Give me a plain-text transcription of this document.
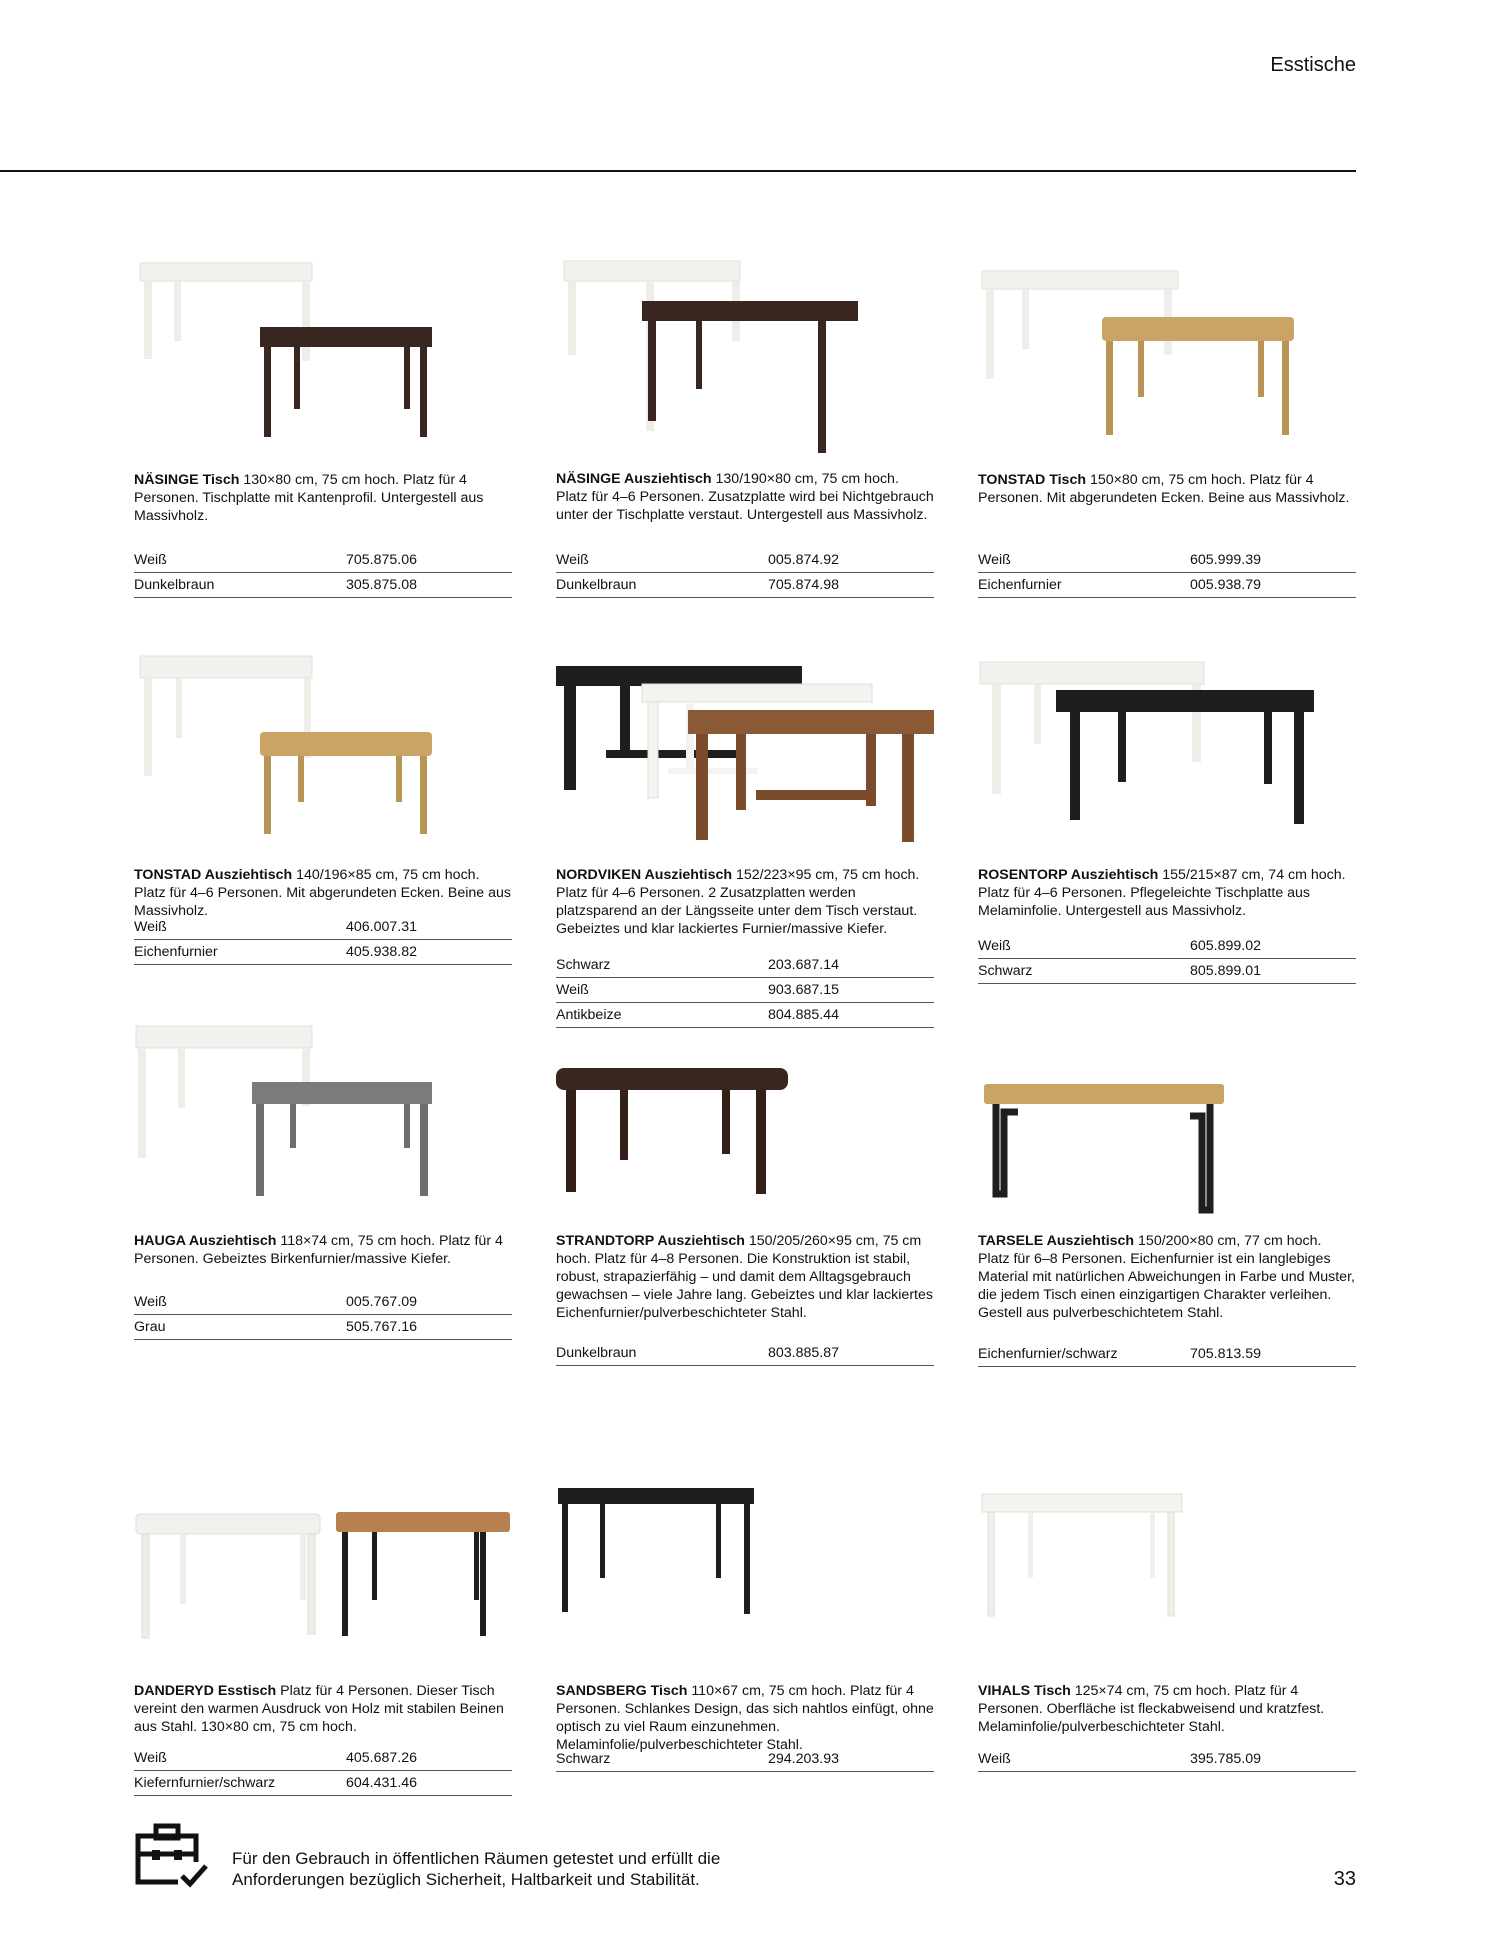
Esstische
NÄSINGE Tisch 130×80 cm, 75 cm hoch. Platz für 4 Personen. Tischplatte mit Kantenprofil. Untergestell aus Massivholz.
Weiß	705.875.06
Dunkelbraun	305.875.08
NÄSINGE Ausziehtisch 130/190×80 cm, 75 cm hoch. Platz für 4–6 Personen. Zusatzplatte wird bei Nichtgebrauch unter der Tischplatte verstaut. Untergestell aus Massivholz.
Weiß	005.874.92
Dunkelbraun	705.874.98
TONSTAD Tisch 150×80 cm, 75 cm hoch. Platz für 4 Personen. Mit abgerundeten Ecken. Beine aus Massivholz.
Weiß	605.999.39
Eichenfurnier	005.938.79
TONSTAD Ausziehtisch 140/196×85 cm, 75 cm hoch. Platz für 4–6 Personen. Mit abgerundeten Ecken. Beine aus Massivholz.
Weiß	406.007.31
Eichenfurnier	405.938.82
NORDVIKEN Ausziehtisch 152/223×95 cm, 75 cm hoch. Platz für 4–6 Personen. 2 Zusatzplatten werden platzsparend an der Längsseite unter dem Tisch verstaut. Gebeiztes und klar lackiertes Furnier/massive Kiefer.
Schwarz	203.687.14
Weiß	903.687.15
Antikbeize	804.885.44
ROSENTORP Ausziehtisch 155/215×87 cm, 74 cm hoch. Platz für 4–6 Personen. Pflegeleichte Tischplatte aus Melaminfolie. Untergestell aus Massivholz.
Weiß	605.899.02
Schwarz	805.899.01
HAUGA Ausziehtisch 118×74 cm, 75 cm hoch. Platz für 4 Personen. Gebeiztes Birkenfurnier/massive Kiefer.
Weiß	005.767.09
Grau	505.767.16
STRANDTORP Ausziehtisch 150/205/260×95 cm, 75 cm hoch. Platz für 4–8 Personen. Die Konstruktion ist stabil, robust, strapazierfähig – und damit dem Alltagsgebrauch gewachsen – viele Jahre lang. Gebeiztes und klar lackiertes Eichenfurnier/pulverbeschichteter Stahl.
Dunkelbraun	803.885.87
TARSELE Ausziehtisch 150/200×80 cm, 77 cm hoch. Platz für 6–8 Personen. Eichenfurnier ist ein langlebiges Material mit natürlichen Abweichungen in Farbe und Muster, die jedem Tisch einen einzigartigen Charakter verleihen. Gestell aus pulverbeschichtetem Stahl.
Eichenfurnier/schwarz	705.813.59
DANDERYD Esstisch Platz für 4 Personen. Dieser Tisch vereint den warmen Ausdruck von Holz mit stabilen Beinen aus Stahl. 130×80 cm, 75 cm hoch.
Weiß	405.687.26
Kiefernfurnier/schwarz	604.431.46
SANDSBERG Tisch 110×67 cm, 75 cm hoch. Platz für 4 Personen. Schlankes Design, das sich nahtlos einfügt, ohne optisch zu viel Raum einzunehmen. Melaminfolie/pulverbeschichteter Stahl.
Schwarz	294.203.93
VIHALS Tisch 125×74 cm, 75 cm hoch. Platz für 4 Personen. Oberfläche ist fleckabweisend und kratzfest. Melaminfolie/pulverbeschichteter Stahl.
Weiß	395.785.09
Für den Gebrauch in öffentlichen Räumen getestet und erfüllt die
Anforderungen bezüglich Sicherheit, Haltbarkeit und Stabilität.	33
